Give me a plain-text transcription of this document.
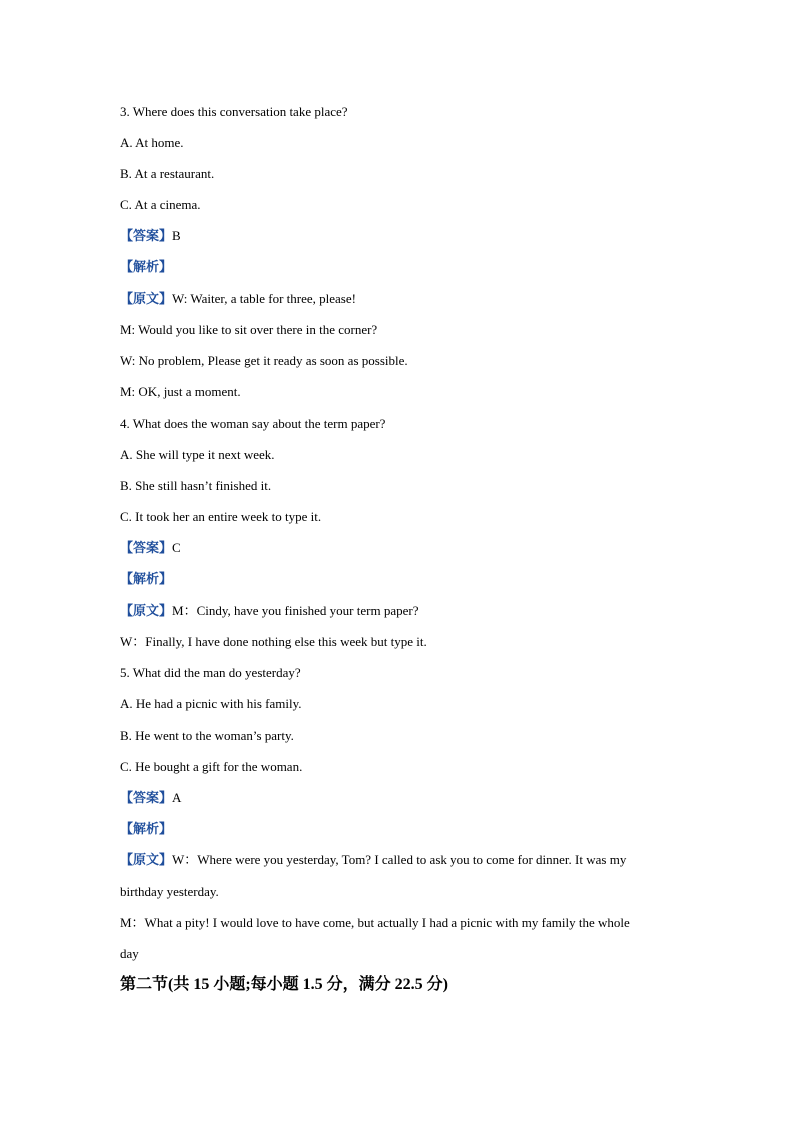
3. Where does this conversation take place?
A. At home.
B. At a restaurant.
C. At a cinema.
【答案】B
【解析】
【原文】W: Waiter, a table for three, please!
M: Would you like to sit over there in the corner?
W: No problem, Please get it ready as soon as possible.
M: OK, just a moment.
4. What does the woman say about the term paper?
A. She will type it next week.
B. She still hasn’t finished it.
C. It took her an entire week to type it.
【答案】C
【解析】
【原文】M：Cindy, have you finished your term paper?
W：Finally, I have done nothing else this week but type it.
5. What did the man do yesterday?
A. He had a picnic with his family.
B. He went to the woman’s party.
C. He bought a gift for the woman.
【答案】A
【解析】
【原文】W：Where were you yesterday, Tom? I called to ask you to come for dinner. It was my
birthday yesterday.
M：What a pity! I would love to have come, but actually I had a picnic with my family the whole
day
第二节(共 15 小题;每小题 1.5 分，满分 22.5 分)
